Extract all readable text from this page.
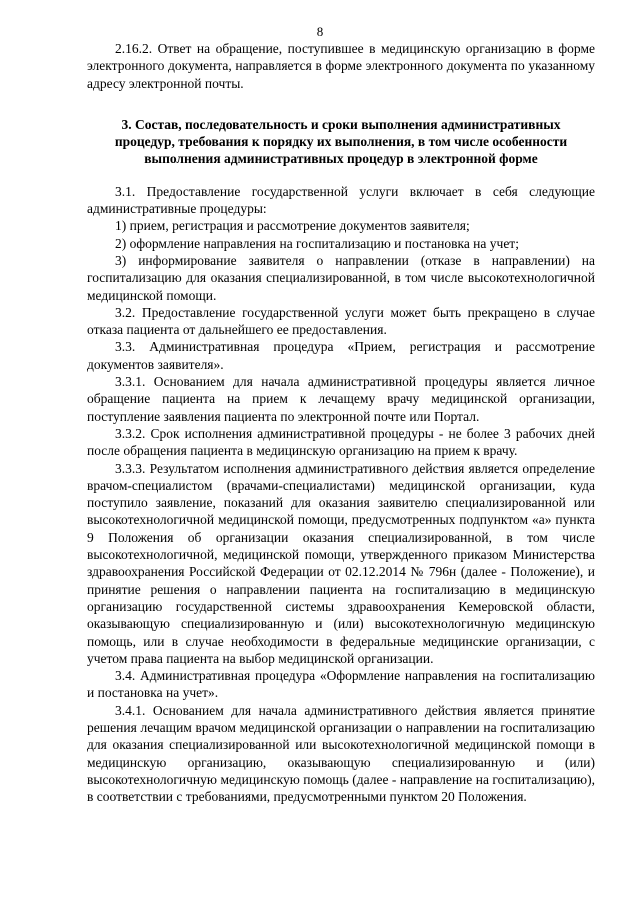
8

2.16.2. Ответ на обращение, поступившее в медицинскую организацию в форме электронного документа, направляется в форме электронного документа по указанному адресу электронной почты.

3. Состав, последовательность и сроки выполнения административных процедур, требования к порядку их выполнения, в том числе особенности выполнения административных процедур в электронной форме

3.1. Предоставление государственной услуги включает в себя следующие административные процедуры:

1) прием, регистрация и рассмотрение документов заявителя;

2) оформление направления на госпитализацию и постановка на учет;

3) информирование заявителя о направлении (отказе в направлении) на госпитализацию для оказания специализированной, в том числе высокотехнологичной медицинской помощи.

3.2. Предоставление государственной услуги может быть прекращено в случае отказа пациента от дальнейшего ее предоставления.

3.3. Административная процедура «Прием, регистрация и рассмотрение документов заявителя».

3.3.1. Основанием для начала административной процедуры является личное обращение пациента на прием к лечащему врачу медицинской организации, поступление заявления пациента по электронной почте или Портал.

3.3.2. Срок исполнения административной процедуры - не более 3 рабочих дней после обращения пациента в медицинскую организацию на прием к врачу.

3.3.3. Результатом исполнения административного действия является определение врачом-специалистом (врачами-специалистами) медицинской организации, куда поступило заявление, показаний для оказания заявителю специализированной или высокотехнологичной медицинской помощи, предусмотренных подпунктом «а» пункта 9 Положения об организации оказания специализированной, в том числе высокотехнологичной, медицинской помощи, утвержденного приказом Министерства здравоохранения Российской Федерации от 02.12.2014 № 796н (далее - Положение), и принятие решения о направлении пациента на госпитализацию в медицинскую организацию государственной системы здравоохранения Кемеровской области, оказывающую специализированную и (или) высокотехнологичную медицинскую помощь, или в случае необходимости в федеральные медицинские организации, с учетом права пациента на выбор медицинской организации.

3.4. Административная процедура «Оформление направления на госпитализацию и постановка на учет».

3.4.1. Основанием для начала административного действия является принятие решения лечащим врачом медицинской организации о направлении на госпитализацию для оказания специализированной или высокотехнологичной медицинской помощи в медицинскую организацию, оказывающую специализированную и (или) высокотехнологичную медицинскую помощь (далее - направление на госпитализацию), в соответствии с требованиями, предусмотренными пунктом 20 Положения.
